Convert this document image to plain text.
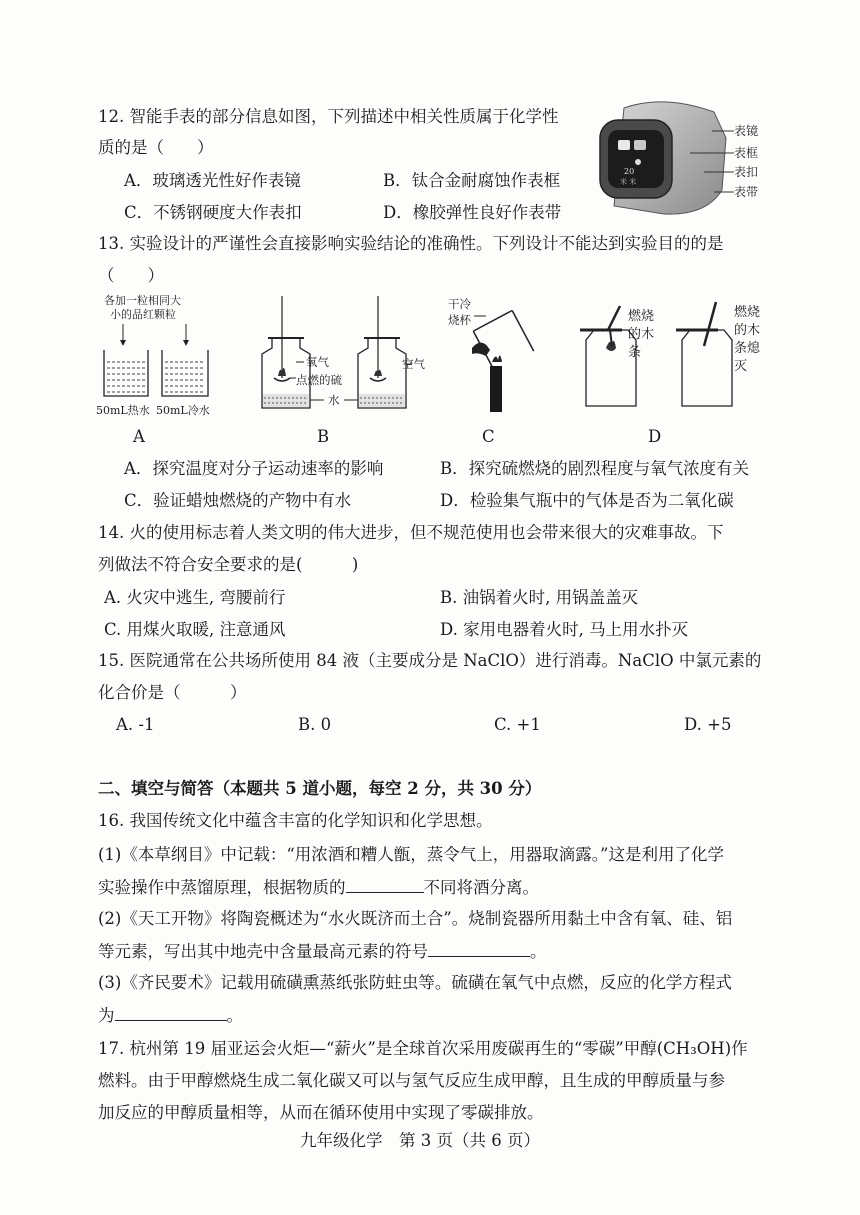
12. 智能手表的部分信息如图，下列描述中相关性质属于化学性
质的是（　　）
A．玻璃透光性好作表镜	B．钛合金耐腐蚀作表框
C．不锈钢硬度大作表扣	D．橡胶弹性良好作表带
20
米 米
表镜
表框
表扣
表带
13. 实验设计的严谨性会直接影响实验结论的准确性。下列设计不能达到实验目的的是
（　　）
各加一粒相同大
小的品红颗粒
50mL热水 50mL冷水
A
氧气
点燃的硫
水
空气
B
干冷
烧杯
C
燃烧
的木
条
燃烧
的木
条熄
灭
D
A．探究温度对分子运动速率的影响	B．探究硫燃烧的剧烈程度与氧气浓度有关
C．验证蜡烛燃烧的产物中有水	D．检验集气瓶中的气体是否为二氧化碳
14. 火的使用标志着人类文明的伟大进步，但不规范使用也会带来很大的灾难事故。下
列做法不符合安全要求的是(　　　)
A. 火灾中逃生, 弯腰前行	B. 油锅着火时, 用锅盖盖灭
C. 用煤火取暖, 注意通风	D. 家用电器着火时, 马上用水扑灭
15. 医院通常在公共场所使用 84 液（主要成分是 NaClO）进行消毒。NaClO 中氯元素的
化合价是（　　　）
A. -1	B. 0	C. +1	D. +5
二、填空与简答（本题共 5 道小题，每空 2 分，共 30 分）
16. 我国传统文化中蕴含丰富的化学知识和化学思想。
(1)《本草纲目》中记载：“用浓酒和糟人甑，蒸令气上，用器取滴露。”这是利用了化学
实验操作中蒸馏原理，根据物质的	不同将酒分离。
(2)《天工开物》将陶瓷概述为“水火既济而土合”。烧制瓷器所用黏土中含有氧、硅、铝
等元素，写出其中地壳中含量最高元素的符号	。
(3)《齐民要术》记载用硫磺熏蒸纸张防蛀虫等。硫磺在氧气中点燃，反应的化学方程式
为	。
17. 杭州第 19 届亚运会火炬—“薪火”是全球首次采用废碳再生的“零碳”甲醇(CH₃OH)作
燃料。由于甲醇燃烧生成二氧化碳又可以与氢气反应生成甲醇，且生成的甲醇质量与参
加反应的甲醇质量相等，从而在循环使用中实现了零碳排放。
九年级化学　第 3 页（共 6 页）
